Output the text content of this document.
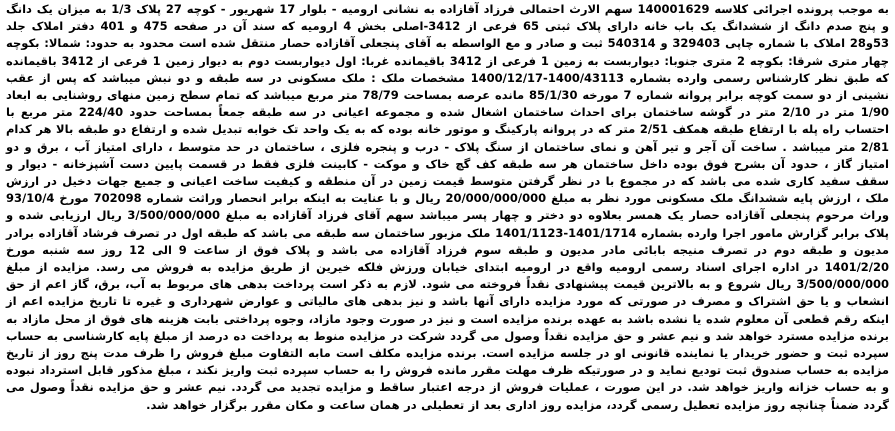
به موجب پرونده اجرائی کلاسه 140001629 سهم الارث احتمالی فرزاد آقازاده به نشانی ارومیه - بلوار 17 شهریور - کوچه 27 پلاک 1/3 به میزان یک دانگ و پنج صدم دانگ از ششدانگ یک باب خانه دارای پلاک ثبتی 65 فرعی از 3412-اصلی بخش 4 ارومیه که سند آن در صفحه 475 و 401 دفتر املاک جلد 53و28 املاک با شماره چاپی 329403 و 540314 ثبت و صادر و مع الواسطه به آقای پنجعلی آقازاده حصار منتقل شده است محدود به حدود: شمالا: بکوچه چهار متری شرقا: بکوچه 2 متری جنوبا: دیواربست به زمین 1 فرعی از 3412 باقیمانده غربا: اول دیواربست دوم به دیوار زمین 1 فرعی از 3412 باقیمانده که طبق نظر کارشناس رسمی وارده بشماره 1400/43113-1400/12/17 مشخصات ملک : ملک مسکونی در سه طبقه و دو نبش میباشد که پس از عقب نشینی از دو سمت کوچه برابر پروانه شماره 7 مورخه 85/1/30 مانده عرصه بمساحت 78/79 متر مربع میباشد که تمام سطح زمین منهای روشنایی به ابعاد 1/90 متر در 2/10 متر در گوشه ساختمان برای احداث ساختمان اشغال شده و مجموعه اعیانی در سه طبقه جمعاً بمساحت حدود 224/40 متر مربع با احتساب راه پله با ارتفاع طبقه همکف 2/51 متر که در پروانه پارکینگ و موتور خانه بوده که به یک واحد تک خوابه تبدیل شده و ارتفاع دو طبقه بالا هر کدام 2/81 متر میباشد . ساخت آن آجر و تیر آهن و نمای ساختمان از سنگ پلاک - درب و پنجره فلزی ، ساختمان در حد متوسط ، دارای امتیاز آب ، برق و دو امتیاز گاز ، حدود آن بشرح فوق بوده داخل ساختمان هر سه طبقه کف گچ خاک و موکت - کابینت فلزی فقط در قسمت پایین دست آشپزخانه - دیوار و سقف سفید کاری شده می باشد که در مجموع با در نظر گرفتن متوسط قیمت زمین در آن منطقه و کیفیت ساخت اعیانی و جمیع جهات دخیل در ارزش ملک ، ارزش پایه ششدانگ ملک مسکونی مورد نظر به مبلغ 20/000/000/000 ریال و با عنایت به اینکه برابر انحصار وراثت شماره 702098 مورخ 93/10/4 وراث مرحوم پنجعلی آقازاده حصار یک همسر بعلاوه دو دختر و چهار پسر میباشد سهم آقای فرزاد آقازاده به مبلغ 3/500/000/000 ریال ارزیابی شده و پلاک برابر گزارش مامور اجرا وارده بشماره 1401/1714-1401/1123 ملک مزبور ساختمان سه طبقه می باشد که طبقه اول در تصرف فرشاد آقازاده برادر مدیون و طبقه دوم در تصرف منیجه بابائی مادر مدیون و طبقه سوم فرزاد آقازاده می باشد و پلاک فوق از ساعت 9 الی 12 روز سه شنبه مورخ 1401/2/20 در اداره اجرای اسناد رسمی ارومیه واقع در ارومیه ابتدای خیابان ورزش فلکه خیرین از طریق مزایده به فروش می رسد. مزایده از مبلغ 3/500/000/000 ریال شروع و به بالاترین قیمت پیشنهادی نقداً فروخته می شود. لازم به ذکر است پرداخت بدهی های مربوط به آب، برق، گاز اعم از حق انشعاب و یا حق اشتراک و مصرف در صورتی که مورد مزایده دارای آنها باشد و نیز بدهی های مالیاتی و عوارض شهرداری و غیره تا تاریخ مزایده اعم از اینکه رقم قطعی آن معلوم شده یا نشده باشد به عهده برنده مزایده است و نیز در صورت وجود مازاد، وجوه پرداختی بابت هزینه های فوق از محل مازاد به برنده مزایده مسترد خواهد شد و نیم عشر و حق مزایده نقداً وصول می گردد شرکت در مزایده منوط به پرداخت ده درصد از مبلغ پایه کارشناسی به حساب سپرده ثبت و حضور خریدار یا نماینده قانونی او در جلسه مزایده است. برنده مزایده مکلف است مابه التفاوت مبلغ فروش را ظرف مدت پنج روز از تاریخ مزایده به حساب صندوق ثبت تودیع نماید و در صورتیکه ظرف مهلت مقرر مانده فروش را به حساب سپرده ثبت واریز نکند ، مبلغ مذکور قابل استرداد نبوده و به حساب خزانه واریز خواهد شد. در این صورت ، عملیات فروش از درجه اعتبار ساقط و مزایده تجدید می گردد. نیم عشر و حق مزایده نقداً وصول می گردد ضمناً چنانچه روز مزایده تعطیل رسمی گردد، مزایده روز اداری بعد از تعطیلی در همان ساعت و مکان مقرر برگزار خواهد شد.
